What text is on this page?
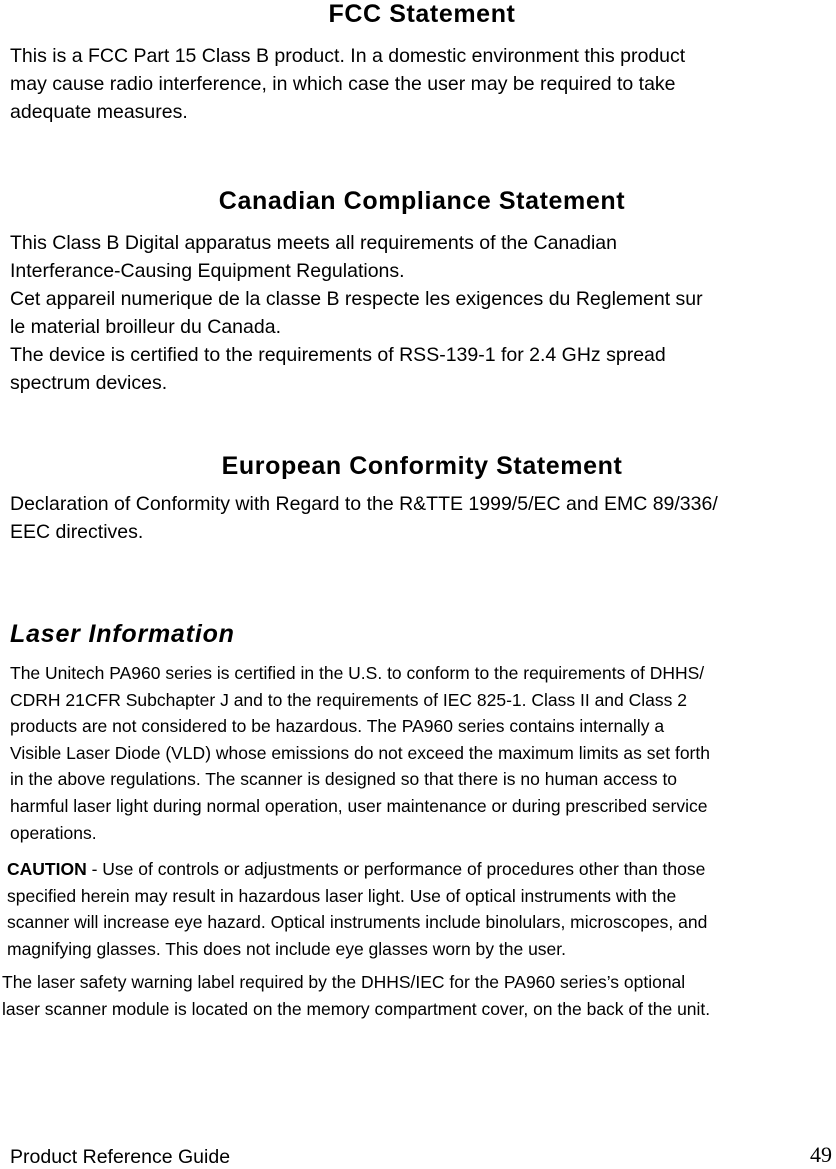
FCC Statement
This is a FCC Part 15 Class B product. In a domestic environment this product
may cause radio interference, in which case the user may be required to take
adequate measures.
Canadian Compliance Statement
This Class B Digital apparatus meets all requirements of the Canadian
Interferance-Causing Equipment Regulations.
Cet appareil numerique de la classe B respecte les exigences du Reglement sur
le material broilleur du Canada.
The device is certified to the requirements of RSS-139-1 for 2.4 GHz spread
spectrum devices.
European Conformity Statement
Declaration of Conformity with Regard to the R&TTE 1999/5/EC and EMC 89/336/
EEC directives.
Laser Information
The Unitech PA960 series is certified in the U.S. to conform to the requirements of DHHS/
CDRH 21CFR Subchapter J and to the requirements of IEC 825-1. Class II and Class 2
products are not considered to be hazardous. The PA960 series contains internally a
Visible Laser Diode (VLD) whose emissions do not exceed the maximum limits as set forth
in the above regulations. The scanner is designed so that there is no human access to
harmful laser light during normal operation, user maintenance or during prescribed service
operations.
CAUTION - Use of controls or adjustments or performance of procedures other than those
specified herein may result in hazardous laser light. Use of optical instruments with the
scanner will increase eye hazard. Optical instruments include binolulars, microscopes, and
magnifying glasses. This does not include eye glasses worn by the user.
The laser safety warning label required by the DHHS/IEC for the PA960 series’s optional
laser scanner module is located on the memory compartment cover, on the back of the unit.
Product Reference Guide	49
